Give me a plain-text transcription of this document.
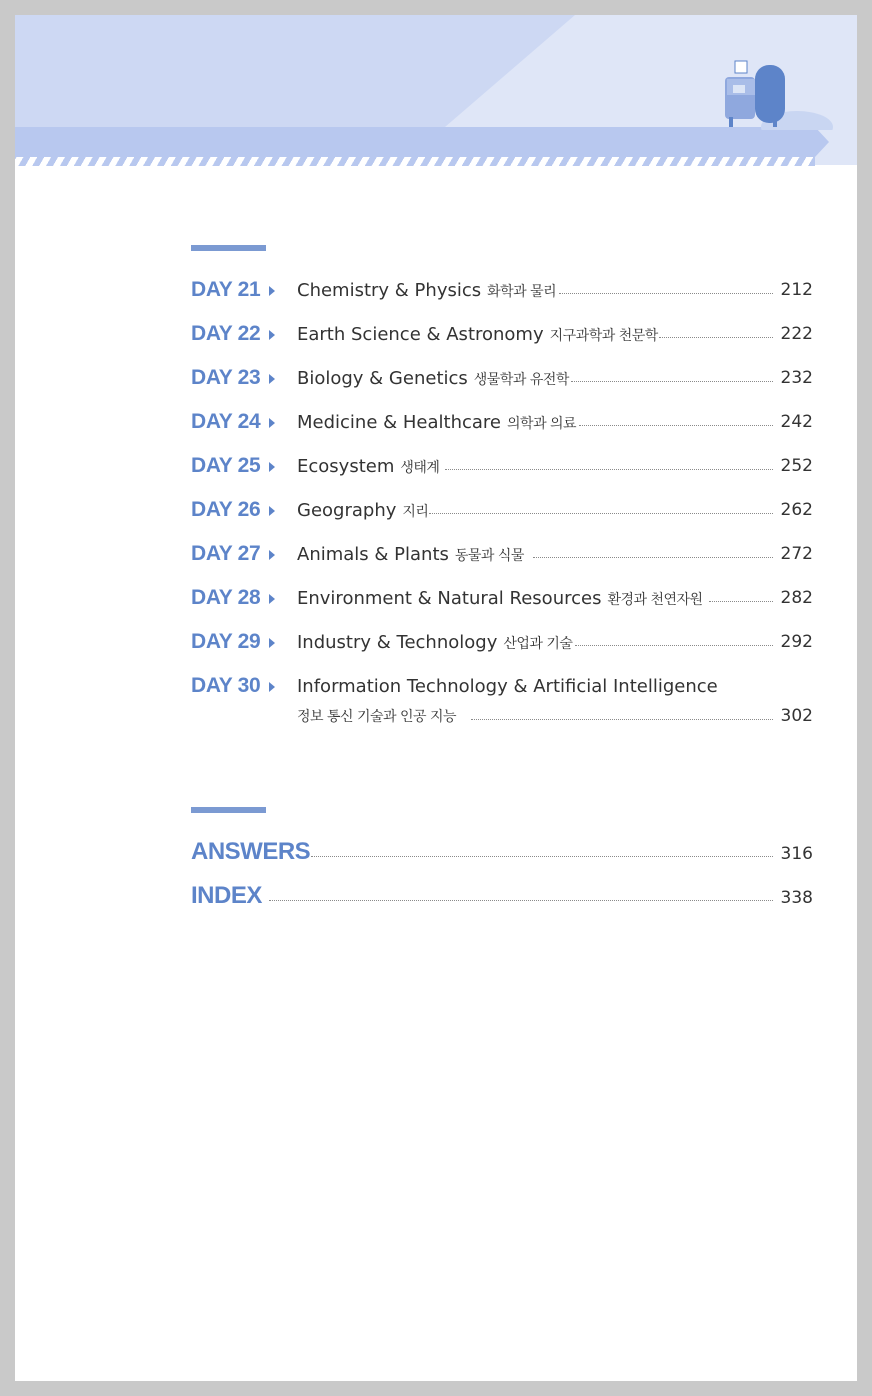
DAY 21 Chemistry & Physics 화학과 물리	212
DAY 22 Earth Science & Astronomy 지구과학과 천문학	222
DAY 23 Biology & Genetics 생물학과 유전학	232
DAY 24 Medicine & Healthcare 의학과 의료	242
DAY 25 Ecosystem 생태계	252
DAY 26 Geography 지리	262
DAY 27 Animals & Plants 동물과 식물	272
DAY 28 Environment & Natural Resources 환경과 천연자원	282
DAY 29 Industry & Technology 산업과 기술	292
DAY 30 Information Technology & Artificial Intelligence
정보 통신 기술과 인공 지능	302
ANSWERS	316
INDEX	338
